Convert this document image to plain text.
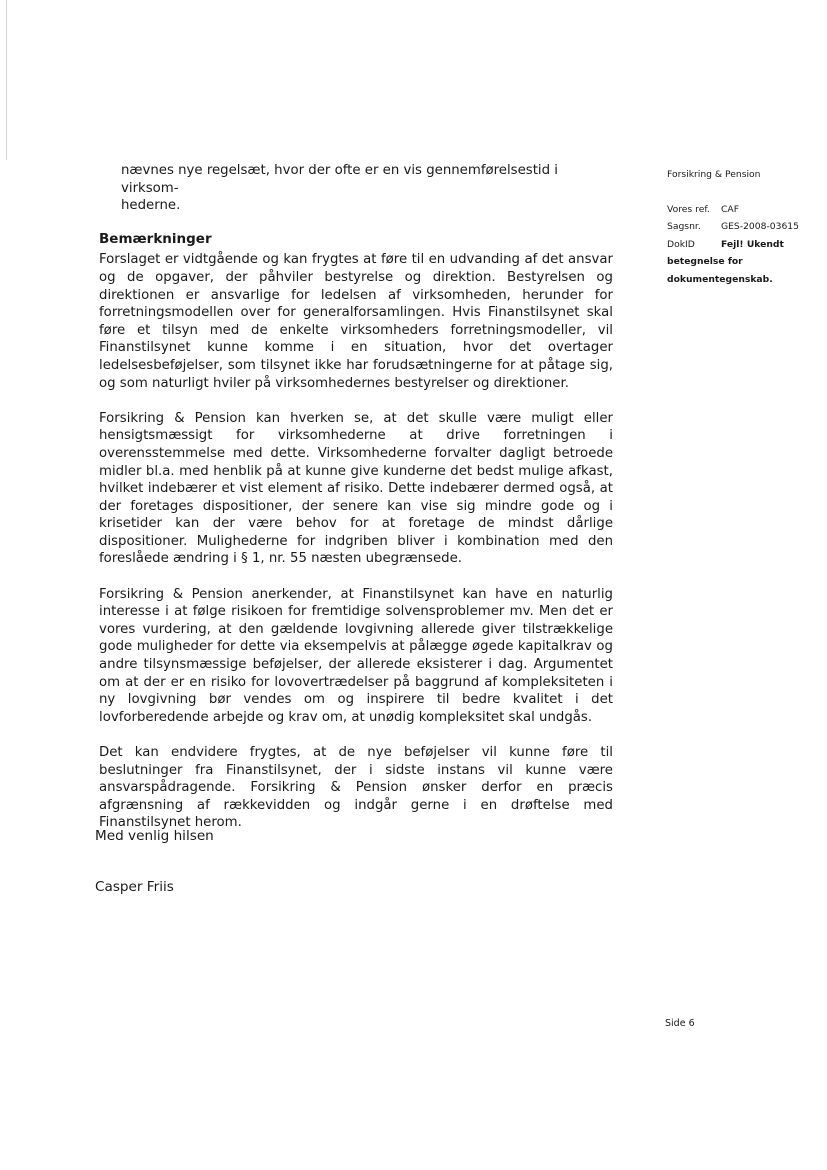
nævnes nye regelsæt, hvor der ofte er en vis gennemførelsestid i virksom-

hederne.

Bemærkninger

Forslaget er vidtgående og kan frygtes at føre til en udvanding af det ansvar og de opgaver, der påhviler bestyrelse og direktion. Bestyrelsen og direktionen er ansvarlige for ledelsen af virksomheden, herunder for forretningsmodellen over for generalforsamlingen. Hvis Finanstilsynet skal føre et tilsyn med de enkelte virksomheders forretningsmodeller, vil Finanstilsynet kunne komme i en situation, hvor det overtager ledelsesbeføjelser, som tilsynet ikke har forudsætningerne for at påtage sig, og som naturligt hviler på virksomhedernes bestyrelser og direktioner.

Forsikring & Pension kan hverken se, at det skulle være muligt eller hensigtsmæssigt for virksomhederne at drive forretningen i overensstemmelse med dette. Virksomhederne forvalter dagligt betroede midler bl.a. med henblik på at kunne give kunderne det bedst mulige afkast, hvilket indebærer et vist element af risiko. Dette indebærer dermed også, at der foretages dispositioner, der senere kan vise sig mindre gode og i krisetider kan der være behov for at foretage de mindst dårlige dispositioner. Mulighederne for indgriben bliver i kombination med den foreslåede ændring i § 1, nr. 55 næsten ubegrænsede.

Forsikring & Pension anerkender, at Finanstilsynet kan have en naturlig interesse i at følge risikoen for fremtidige solvensproblemer mv. Men det er vores vurdering, at den gældende lovgivning allerede giver tilstrækkelige gode muligheder for dette via eksempelvis at pålægge øgede kapitalkrav og andre tilsynsmæssige beføjelser, der allerede eksisterer i dag. Argumentet om at der er en risiko for lovovertrædelser på baggrund af kompleksiteten i ny lovgivning bør vendes om og inspirere til bedre kvalitet i det lovforberedende arbejde og krav om, at unødig kompleksitet skal undgås.

Det kan endvidere frygtes, at de nye beføjelser vil kunne føre til beslutninger fra Finanstilsynet, der i sidste instans vil kunne være ansvarspådragende. Forsikring & Pension ønsker derfor en præcis afgrænsning af rækkevidden og indgår gerne i en drøftelse med Finanstilsynet herom.

Forsikring & Pension
Vores ref.	CAF
Sagsnr.	GES-2008-03615
DokID	Fejl! Ukendt
betegnelse for
dokumentegenskab.
Med venlig hilsen
Casper Friis
Side 6
